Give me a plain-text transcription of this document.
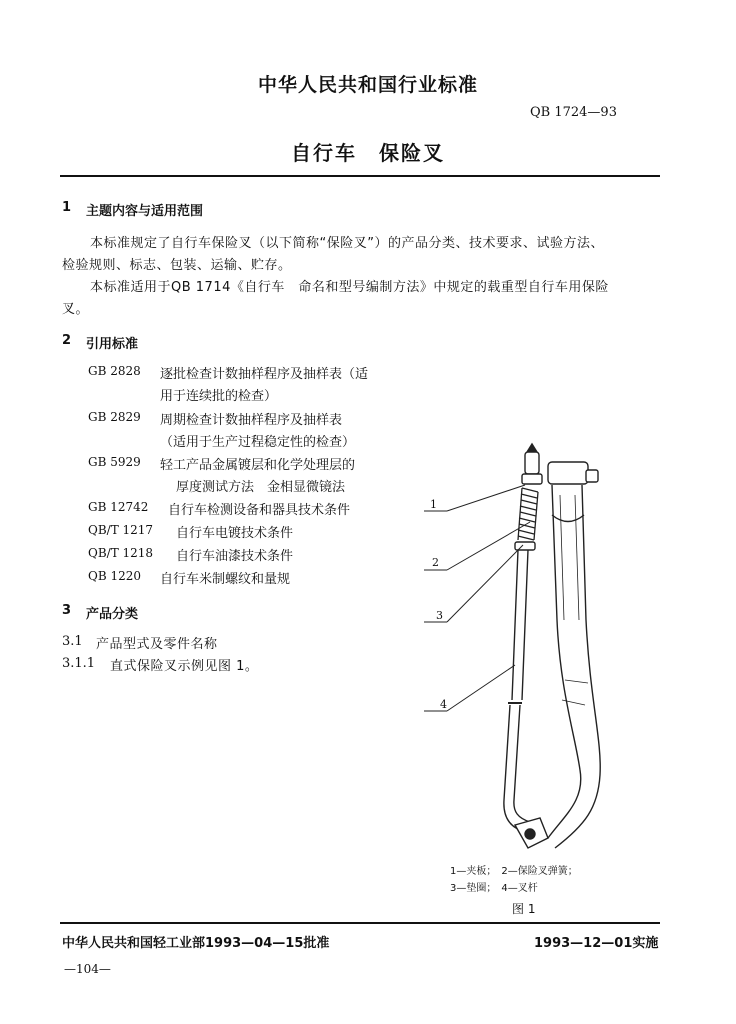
中华人民共和国行业标准
QB 1724—93
自行车　保险叉
1 主题内容与适用范围
本标准规定了自行车保险叉（以下简称“保险叉”）的产品分类、技术要求、试验方法、
检验规则、标志、包装、运输、贮存。
本标准适用于QB 1714《自行车　命名和型号编制方法》中规定的载重型自行车用保险
叉。
2 引用标准
GB 2828 逐批检查计数抽样程序及抽样表（适
用于连续批的检查）
GB 2829 周期检查计数抽样程序及抽样表
（适用于生产过程稳定性的检查）
GB 5929 轻工产品金属镀层和化学处理层的
厚度测试方法　金相显微镜法
GB 12742 自行车检测设备和器具技术条件
QB/T 1217 自行车电镀技术条件
QB/T 1218 自行车油漆技术条件
QB 1220 自行车米制螺纹和量规
3 产品分类
3.1 产品型式及零件名称
3.1.1 直式保险叉示例见图 1。
1
2
3
4
1—夹板；　2—保险叉弹簧；
3—垫圈；　4—叉杆
图 1
中华人民共和国轻工业部1993—04—15批准	1993—12—01实施
—104—
